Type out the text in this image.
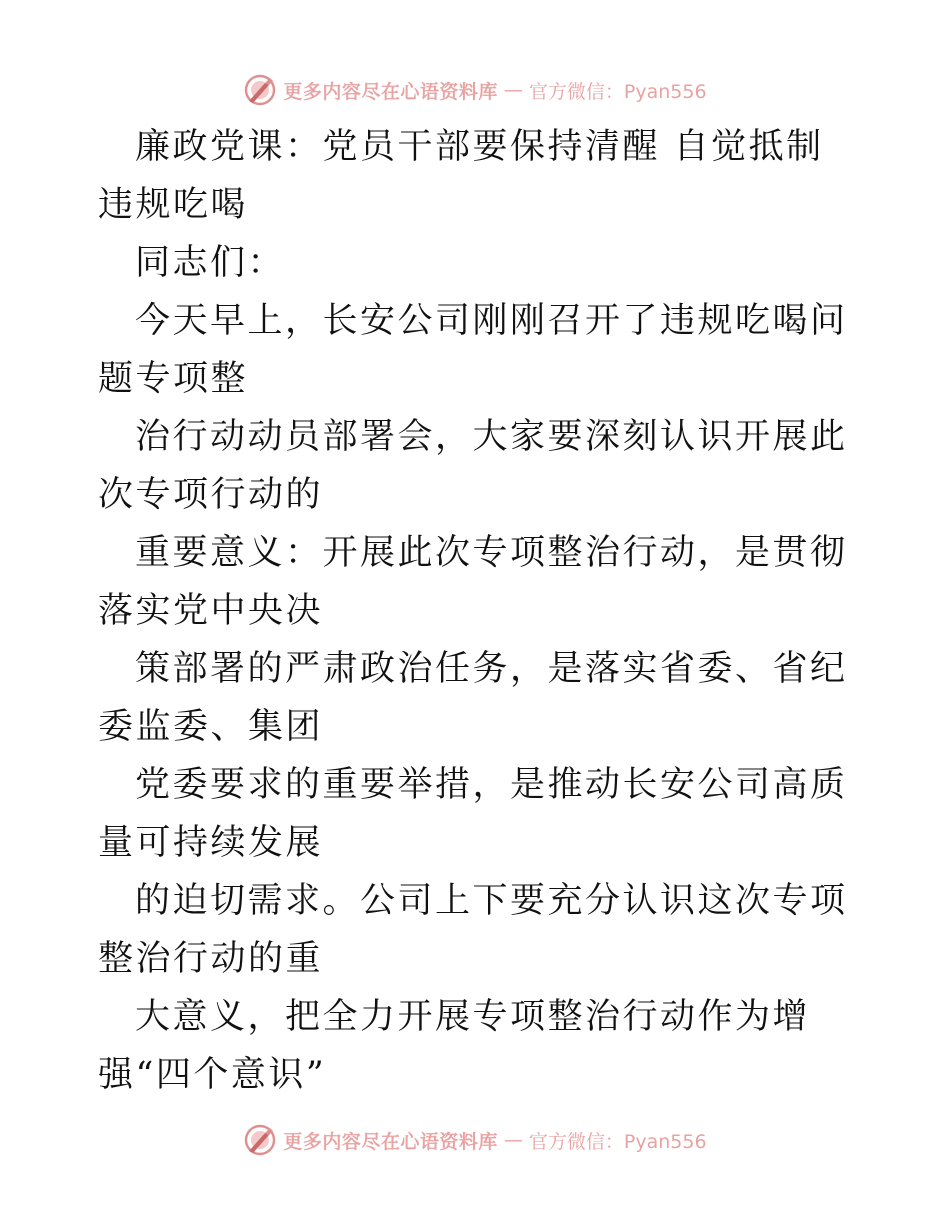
更多内容尽在心语资料库 — 官方微信：Pyan556

廉政党课：党员干部要保持清醒 自觉抵制违规吃喝

同志们：

今天早上，长安公司刚刚召开了违规吃喝问题专项整

治行动动员部署会，大家要深刻认识开展此次专项行动的

重要意义：开展此次专项整治行动，是贯彻落实党中央决

策部署的严肃政治任务，是落实省委、省纪委监委、集团

党委要求的重要举措，是推动长安公司高质量可持续发展

的迫切需求。公司上下要充分认识这次专项整治行动的重

大意义，把全力开展专项整治行动作为增强“四个意识”

更多内容尽在心语资料库 — 官方微信：Pyan556
